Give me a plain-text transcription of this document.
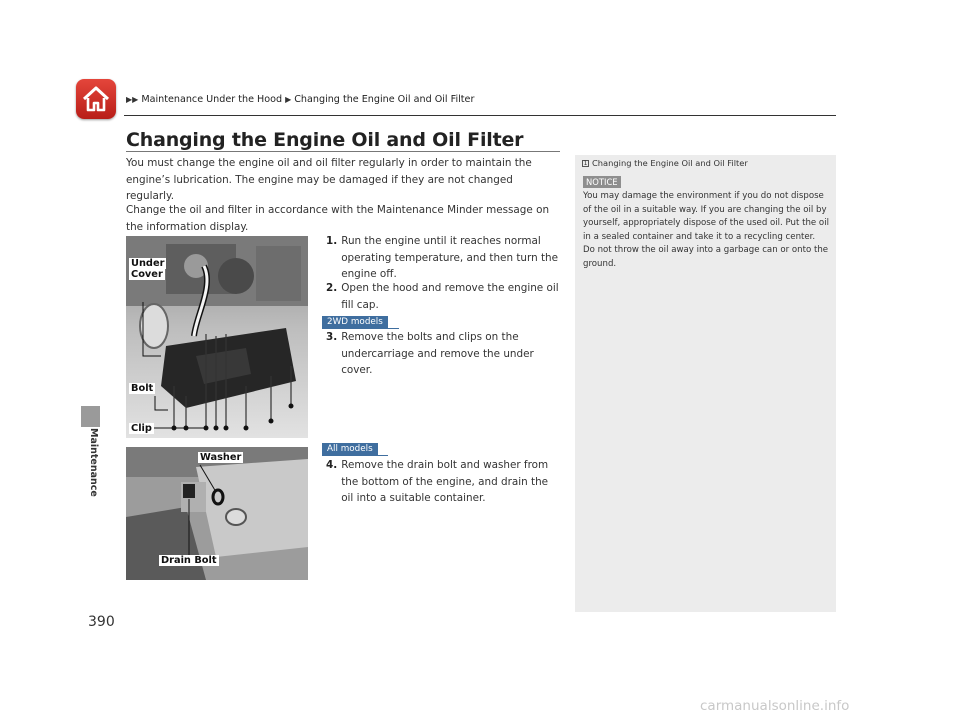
▶▶ Maintenance Under the Hood ▶ Changing the Engine Oil and Oil Filter
Maintenance
Changing the Engine Oil and Oil Filter
You must change the engine oil and oil filter regularly in order to maintain the engine’s lubrication. The engine may be damaged if they are not changed regularly.
Change the oil and filter in accordance with the Maintenance Minder message on the information display.
Under
Cover
Bolt
Clip
Washer
Drain Bolt
1. Run the engine until it reaches normal operating temperature, and then turn the engine off.
2. Open the hood and remove the engine oil fill cap.
2WD models
3. Remove the bolts and clips on the undercarriage and remove the under cover.
All models
4. Remove the drain bolt and washer from the bottom of the engine, and drain the oil into a suitable container.
1 Changing the Engine Oil and Oil Filter
NOTICE
You may damage the environment if you do not dispose of the oil in a suitable way. If you are changing the oil by yourself, appropriately dispose of the used oil. Put the oil in a sealed container and take it to a recycling center. Do not throw the oil away into a garbage can or onto the ground.
390
carmanualsonline.info
